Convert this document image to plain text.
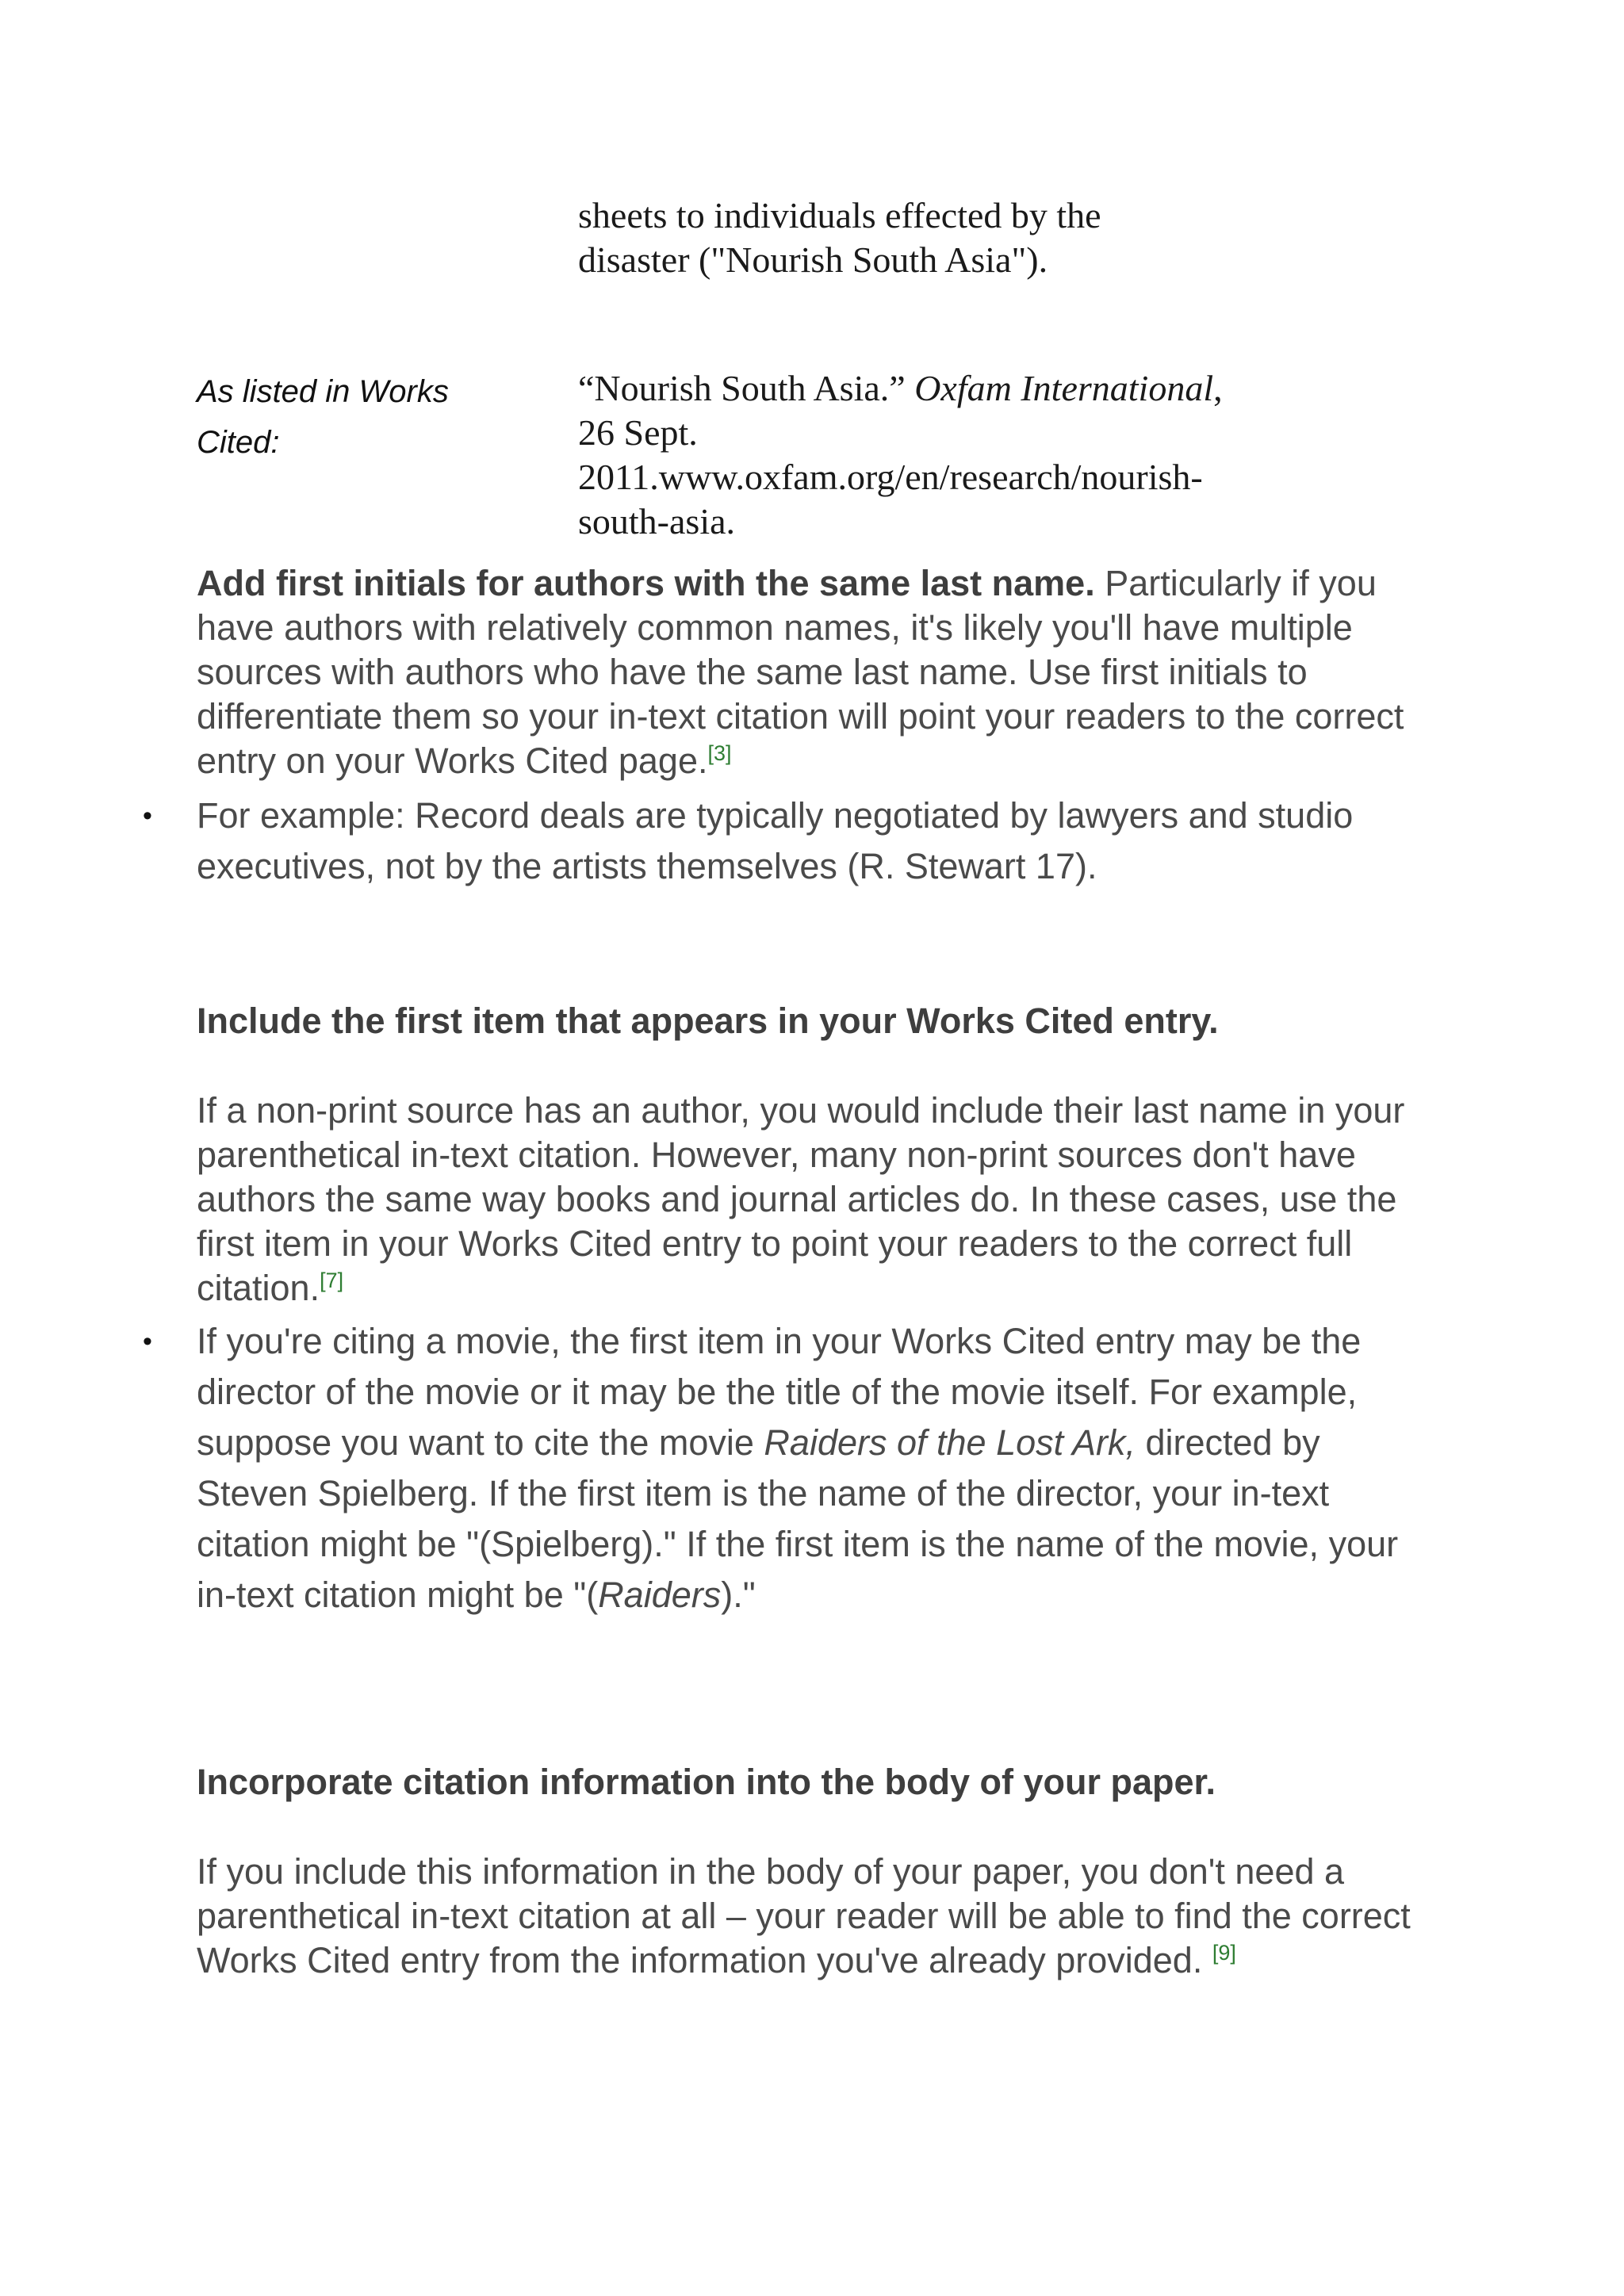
sheets to individuals effected by the
disaster ("Nourish South Asia").
As listed in Works Cited:
“Nourish South Asia.” Oxfam International, 26 Sept. 2011.www.oxfam.org/en/research/nourish-south-asia.

Add first initials for authors with the same last name. Particularly if you have authors with relatively common names, it's likely you'll have multiple sources with authors who have the same last name. Use first initials to differentiate them so your in-text citation will point your readers to the correct entry on your Works Cited page.[3]

•	For example: Record deals are typically negotiated by lawyers and studio executives, not by the artists themselves (R. Stewart 17).

Include the first item that appears in your Works Cited entry.

If a non-print source has an author, you would include their last name in your parenthetical in-text citation. However, many non-print sources don't have authors the same way books and journal articles do. In these cases, use the first item in your Works Cited entry to point your readers to the correct full citation.[7]

•	If you're citing a movie, the first item in your Works Cited entry may be the director of the movie or it may be the title of the movie itself. For example, suppose you want to cite the movie Raiders of the Lost Ark, directed by Steven Spielberg. If the first item is the name of the director, your in-text citation might be "(Spielberg)." If the first item is the name of the movie, your in-text citation might be "(Raiders)."

Incorporate citation information into the body of your paper.

If you include this information in the body of your paper, you don't need a parenthetical in-text citation at all – your reader will be able to find the correct Works Cited entry from the information you've already provided. [9]
